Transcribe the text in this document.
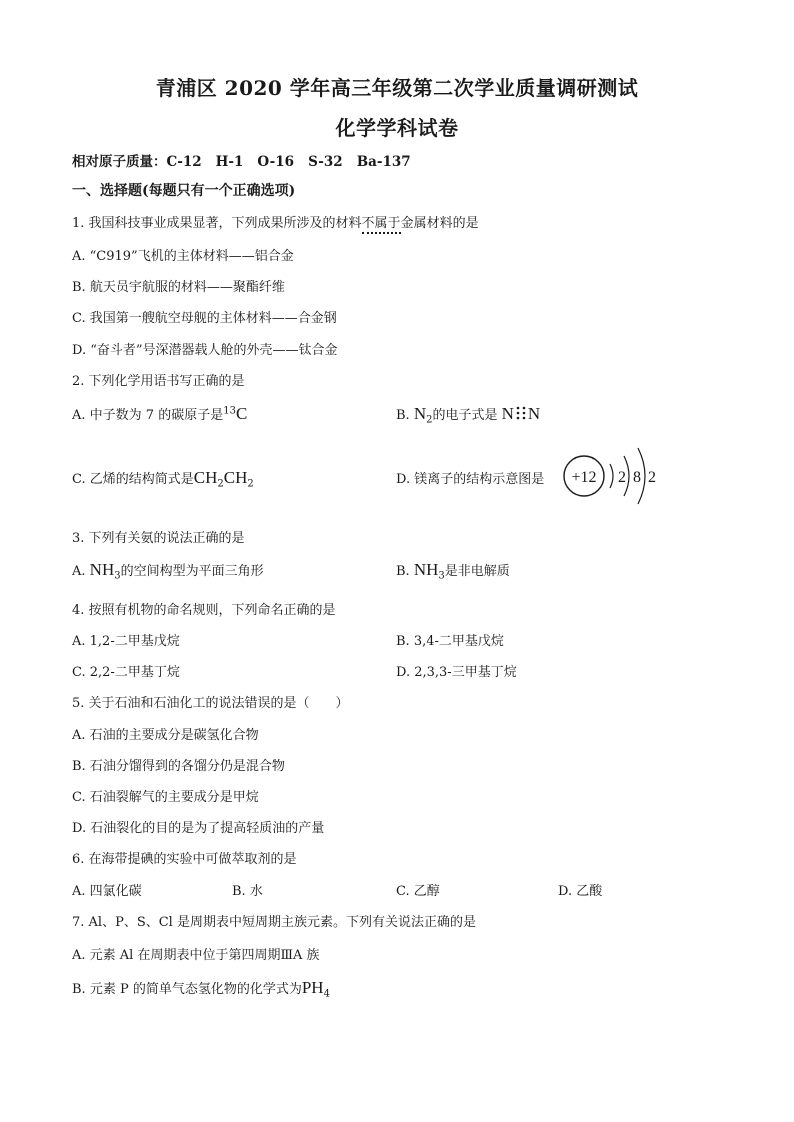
青浦区 2020 学年高三年级第二次学业质量调研测试
化学学科试卷
相对原子质量：C-12 H-1 O-16 S-32 Ba-137
一、选择题(每题只有一个正确选项)
1. 我国科技事业成果显著，下列成果所涉及的材料不属于金属材料的是
A. “C919”飞机的主体材料——铝合金
B. 航天员宇航服的材料——聚酯纤维
C. 我国第一艘航空母舰的主体材料——合金钢
D. “奋斗者”号深潜器载人舱的外壳——钛合金
2. 下列化学用语书写正确的是
A. 中子数为 7 的碳原子是$^{13}$C	B. $N_2$的电子式是 N N
C. 乙烯的结构简式是$CH_2CH_2$	D. 镁离子的结构示意图是 +12 2 8 2
3. 下列有关氨的说法正确的是
A. $NH_3$的空间构型为平面三角形	B. $NH_3$是非电解质
4. 按照有机物的命名规则，下列命名正确的是
A. 1,2-二甲基戊烷	B. 3,4-二甲基戊烷
C. 2,2-二甲基丁烷	D. 2,3,3-三甲基丁烷
5. 关于石油和石油化工的说法错误的是（　　）
A. 石油的主要成分是碳氢化合物
B. 石油分馏得到的各馏分仍是混合物
C. 石油裂解气的主要成分是甲烷
D. 石油裂化的目的是为了提高轻质油的产量
6. 在海带提碘的实验中可做萃取剂的是
A. 四氯化碳	B. 水	C. 乙醇	D. 乙酸
7. Al、P、S、Cl 是周期表中短周期主族元素。下列有关说法正确的是
A. 元素 Al 在周期表中位于第四周期ⅢA 族
B. 元素 P 的简单气态氢化物的化学式为$PH_4$
